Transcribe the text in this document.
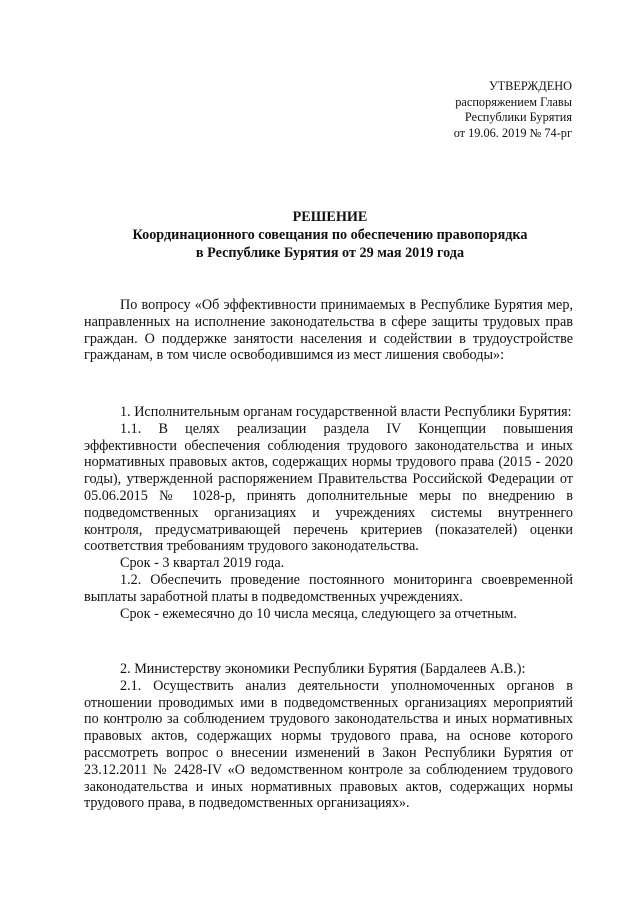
УТВЕРЖДЕНО
распоряжением Главы
Республики Бурятия
от 19.06. 2019 № 74-рг
РЕШЕНИЕ
Координационного совещания по обеспечению правопорядка
в Республике Бурятия от 29 мая 2019 года

По вопросу «Об эффективности принимаемых в Республике Бурятия мер, направленных на исполнение законодательства в сфере защиты трудовых прав граждан. О поддержке занятости населения и содействии в трудоустройстве гражданам, в том числе освободившимся из мест лишения свободы»:

1. Исполнительным органам государственной власти Республики Бурятия:

1.1. В целях реализации раздела IV Концепции повышения эффективности обеспечения соблюдения трудового законодательства и иных нормативных правовых актов, содержащих нормы трудового права (2015 - 2020 годы), утвержденной распоряжением Правительства Российской Федерации от 05.06.2015 № 1028-р, принять дополнительные меры по внедрению в подведомственных организациях и учреждениях системы внутреннего контроля, предусматривающей перечень критериев (показателей) оценки соответствия требованиям трудового законодательства.

Срок - 3 квартал 2019 года.

1.2. Обеспечить проведение постоянного мониторинга своевременной выплаты заработной платы в подведомственных учреждениях.

Срок - ежемесячно до 10 числа месяца, следующего за отчетным.

2. Министерству экономики Республики Бурятия (Бардалеев А.В.):

2.1. Осуществить анализ деятельности уполномоченных органов в отношении проводимых ими в подведомственных организациях мероприятий по контролю за соблюдением трудового законодательства и иных нормативных правовых актов, содержащих нормы трудового права, на основе которого рассмотреть вопрос о внесении изменений в Закон Республики Бурятия от 23.12.2011 № 2428-IV «О ведомственном контроле за соблюдением трудового законодательства и иных нормативных правовых актов, содержащих нормы трудового права, в подведомственных организациях».
